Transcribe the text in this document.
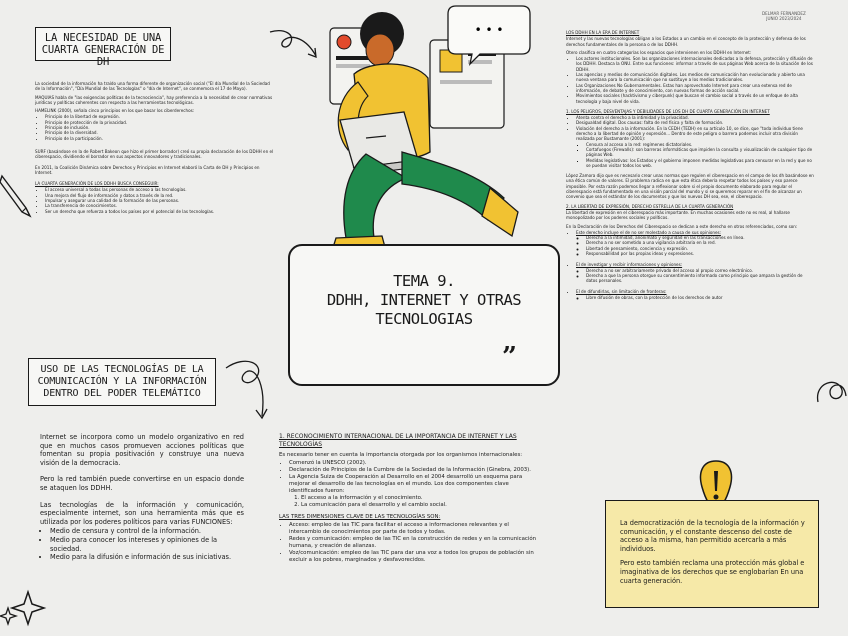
DELMAR FERNANDEZ
JUNIO 2023/2024
LA NECESIDAD DE UNA CUARTA GENERACIÓN DE DH

La sociedad de la información ha traído una forma diferente de organización social ("El día Mundial de la Sociedad de la Información", "Día Mundial de las Tecnologías" o "día de Internet", se conmemora el 17 de Mayo).

MAQUIAS habla de "las exigencias políticas de la tecnociencia", hay preferencia a la necesidad de crear normativas jurídicas y políticas coherentes con respecto a las herramientas tecnológicas.

HAMELINK (2000), señala cinco principios en los que basar los ciberderechos:

• Principio de la libertad de expresión.
• Principio de protección de la privacidad.
• Principio de inclusión.
• Principio de la diversidad.
• Principio de la participación.

SURF (basándose en la de Robert Bakeon que hizo el primer borrador) creó su propia declaración de los DDHH en el ciberespacio, dividiendo el borrador en sus aspectos innovadores y tradicionales.

En 2011, la Coalición Dinámica sobre Derechos y Principios en Internet elaboró la Carta de DH y Principios en Internet.

LA CUARTA GENERACIÓN DE LOS DDHH BUSCA CONSEGUIR:

• El acceso universal a todas las personas de acceso a las tecnologías.
• Una mejora del flujo de información y datos a través de la red.
• Impulsar y asegurar una calidad de la formación de las personas.
• La transferencia de conocimientos.
• Ser un derecho que refuerza a todos los países por el potencial de las tecnologías.
USO DE LAS TECNOLOGÍAS DE LA COMUNICACIÓN Y LA INFORMACIÓN DENTRO DEL PODER TELEMÁTICO

Internet se incorpora como un modelo organizativo en red que en muchos casos promueven acciones políticas que fomentan su propia positivación y construye una nueva visión de la democracia.

Pero la red también puede convertirse en un espacio donde se ataquen los DDHH.

Las tecnologías de la información y comunicación, especialmente internet, son una herramienta más que es utilizada por los poderes políticos para varias FUNCIONES:

• Medio de censura y control de la información.
• Medio para conocer los intereses y opiniones de la sociedad.
• Medio para la difusión e información de sus iniciativas.
• • •
TEMA 9.
DDHH, INTERNET Y OTRAS
TECNOLOGIAS
”

1. RECONOCIMIENTO INTERNACIONAL DE LA IMPORTANCIA DE INTERNET Y LAS TECNOLOGÍAS

Es necesario tener en cuenta la importancia otorgada por los organismos internacionales:

• Comenzó la UNESCO (2002).
• Declaración de Principios de la Cumbre de la Sociedad de la Información (Ginebra, 2003).
• La Agencia Suiza de Cooperación al Desarrollo en el 2004 desarrolló un esquema para mejorar el desarrollo de las tecnologías en el mundo. Los dos componentes clave identificados fueron:
1. El acceso a la información y el conocimiento.
2. La comunicación para el desarrollo y el cambio social.

LAS TRES DIMENSIONES CLAVE DE LAS TECNOLOGÍAS SON:

• Acceso: empleo de las TIC para facilitar el acceso a informaciones relevantes y el intercambio de conocimientos por parte de todos y todas.
• Redes y comunicación: empleo de las TIC en la construcción de redes y en la comunicación humana, y creación de alianzas.
• Voz/comunicación: empleo de las TIC para dar una voz a todos los grupos de población sin excluir a los pobres, marginados y desfavorecidos.

LOS DDHH EN LA ERA DE INTERNET

Internet y las nuevas tecnologías obligan a los Estados a un cambio en el concepto de la protección y defensa de los derechos fundamentales de la persona o de los DDHH.

Otero clasifica en cuatro categorías los espacios que intervienen en los DDHH en Internet:

• Los actores institucionales. Son las organizaciones internacionales dedicadas a la defensa, protección y difusión de los DDHH. Destaca la ONU. Entre sus funciones: informar a través de sus páginas Web acerca de la situación de los DDHH.
• Las agencias y medios de comunicación digitales. Los medios de comunicación han evolucionado y abierto una nueva ventana para la comunicación que no sustituye a los medios tradicionales.
• Las Organizaciones No Gubernamentales. Estas han aprovechado Internet para crear una extensa red de información, de debate y de conocimiento, con nuevas formas de acción social.
• Movimientos sociales (hacktivismo y ciberpunk) que buscan el cambio social a través de un enfoque de alta tecnología y baja nivel de vida.

1. LOS PELIGROS, DESVENTAJAS Y DEBILIDADES DE LOS DH DE CUARTA GENERACIÓN EN INTERNET

• Atenta contra el derecho a la intimidad y la privacidad.
• Desigualdad digital. Dos causas: falta de red física y falta de formación.
• Violación del derecho a la información. En la CEDH (TEDH) en su artículo 10, se dice, que "toda individuo tiene derecho a la libertad de opinión y expresión... Dentro de este peligro o barrera podemos incluir otra división realizada por Bustamante (2001):
▪ Censura al acceso a la red: regímenes dictatoriales.
▪ Cortafuegos (Firewalls): son barreras informáticas que impiden la consulta y visualización de cualquier tipo de páginas Web.
▪ Medidas legislativas: los Estados y el gobierno imponen medidas legislativas para censurar en la red y que no se puedan visitar todos los web.

López Zamora dijo que es necesario crear unas normas que regulen el ciberespacio en el campo de los dh basándose en una ética común de valores. El problema radica en que esta ética debería respetar todos los países y eso parece imposible. Por esta razón podemos llegar a reflexionar sobre si el propio documento elaborado para regular el ciberespacio está fundamentado en una visión parcial del mundo y si se queremos reparar en el fin de alcanzar un convenio que sea el estándar de los documentos y que los nuevos DH sea, ese, el ciberespacio.

2. LA LIBERTAD DE EXPRESIÓN, DERECHO ESTRELLA DE LA CUARTA GENERACIÓN

La libertad de expresión en el ciberespacio más importante. En muchas ocasiones este no es real, al hallarse monopolizado por los poderes sociales y políticos.

En la Declaración de los Derechos del Ciberespacio se dedican a este derecho en otros referenciados, como son:

• Este derecho incluye el de no ser molestado a causa de sus opiniones:
◦ Derecho a la intimidad, anonimato y seguridad en las transacciones en línea.
◦ Derecho a no ser sometido a una vigilancia arbitraria en la red.
◦ Libertad de pensamiento, conciencia y expresión.
◦ Responsabilidad por las propias ideas y expresiones.
• El de investigar y recibir informaciones y opiniones:
◦ Derecho a no ser arbitrariamente privado del acceso al propio correo electrónico.
◦ Derecho a que la persona otorgue su consentimiento informado como principio que ampara la gestión de datos personales.
• El de difundirlas, sin limitación de fronteras:
◦ Libre difusión de obras, con la protección de los derechos de autor

La democratización de la tecnología de la información y comunicación, y el constante descenso del coste de acceso a la misma, han permitido acercarla a más individuos.

Pero esto también reclama una protección más global e imaginativa de los derechos que se englobarían En una cuarta generación.
